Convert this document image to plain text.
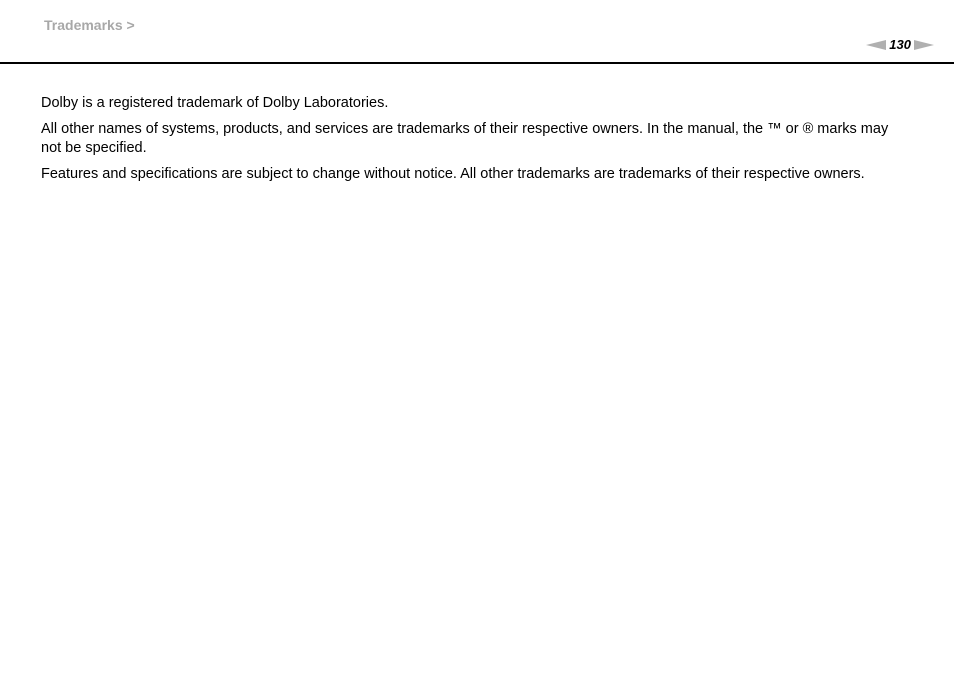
Trademarks >
130

Dolby is a registered trademark of Dolby Laboratories.

All other names of systems, products, and services are trademarks of their respective owners. In the manual, the ™ or ® marks may not be specified.

Features and specifications are subject to change without notice. All other trademarks are trademarks of their respective owners.
